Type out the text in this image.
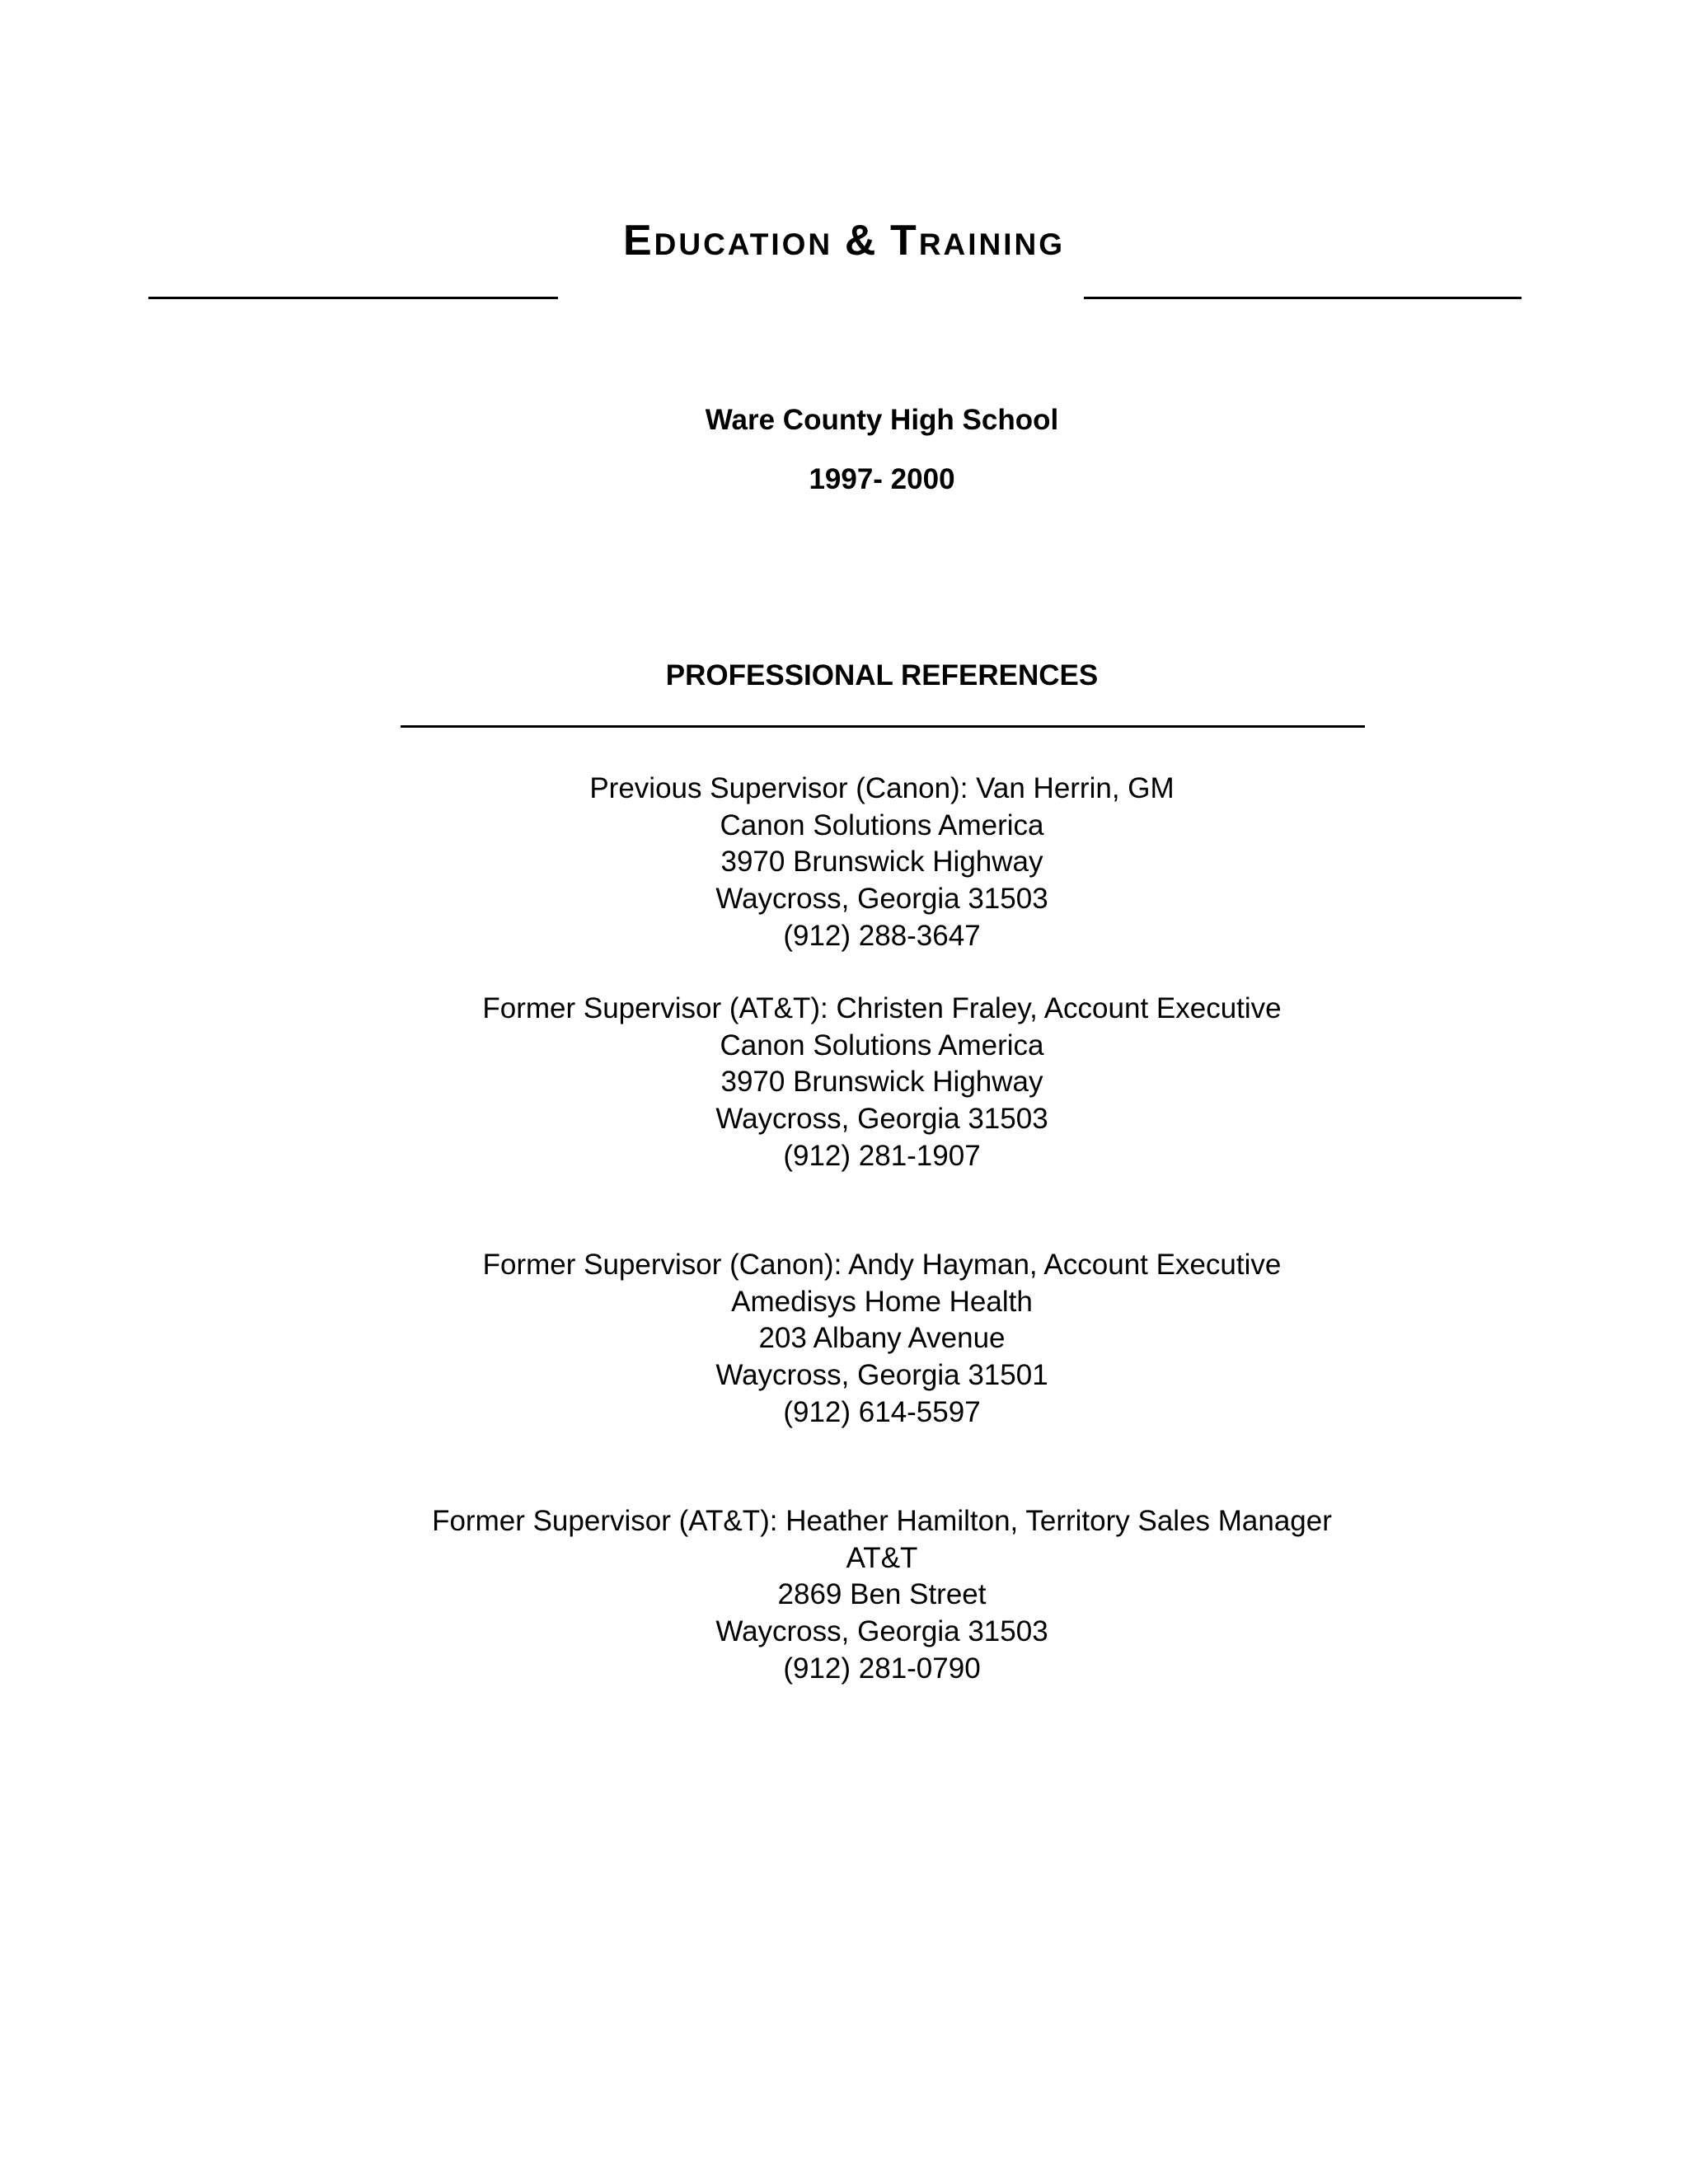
EDUCATION & TRAINING
Ware County High School
1997- 2000
PROFESSIONAL REFERENCES
Previous Supervisor (Canon): Van Herrin, GM
Canon Solutions America
3970 Brunswick Highway
Waycross, Georgia 31503
(912) 288-3647
Former Supervisor (AT&T): Christen Fraley, Account Executive
Canon Solutions America
3970 Brunswick Highway
Waycross, Georgia 31503
(912) 281-1907
Former Supervisor (Canon): Andy Hayman, Account Executive
Amedisys Home Health
203 Albany Avenue
Waycross, Georgia 31501
(912) 614-5597
Former Supervisor (AT&T): Heather Hamilton, Territory Sales Manager
AT&T
2869 Ben Street
Waycross, Georgia 31503
(912) 281-0790
